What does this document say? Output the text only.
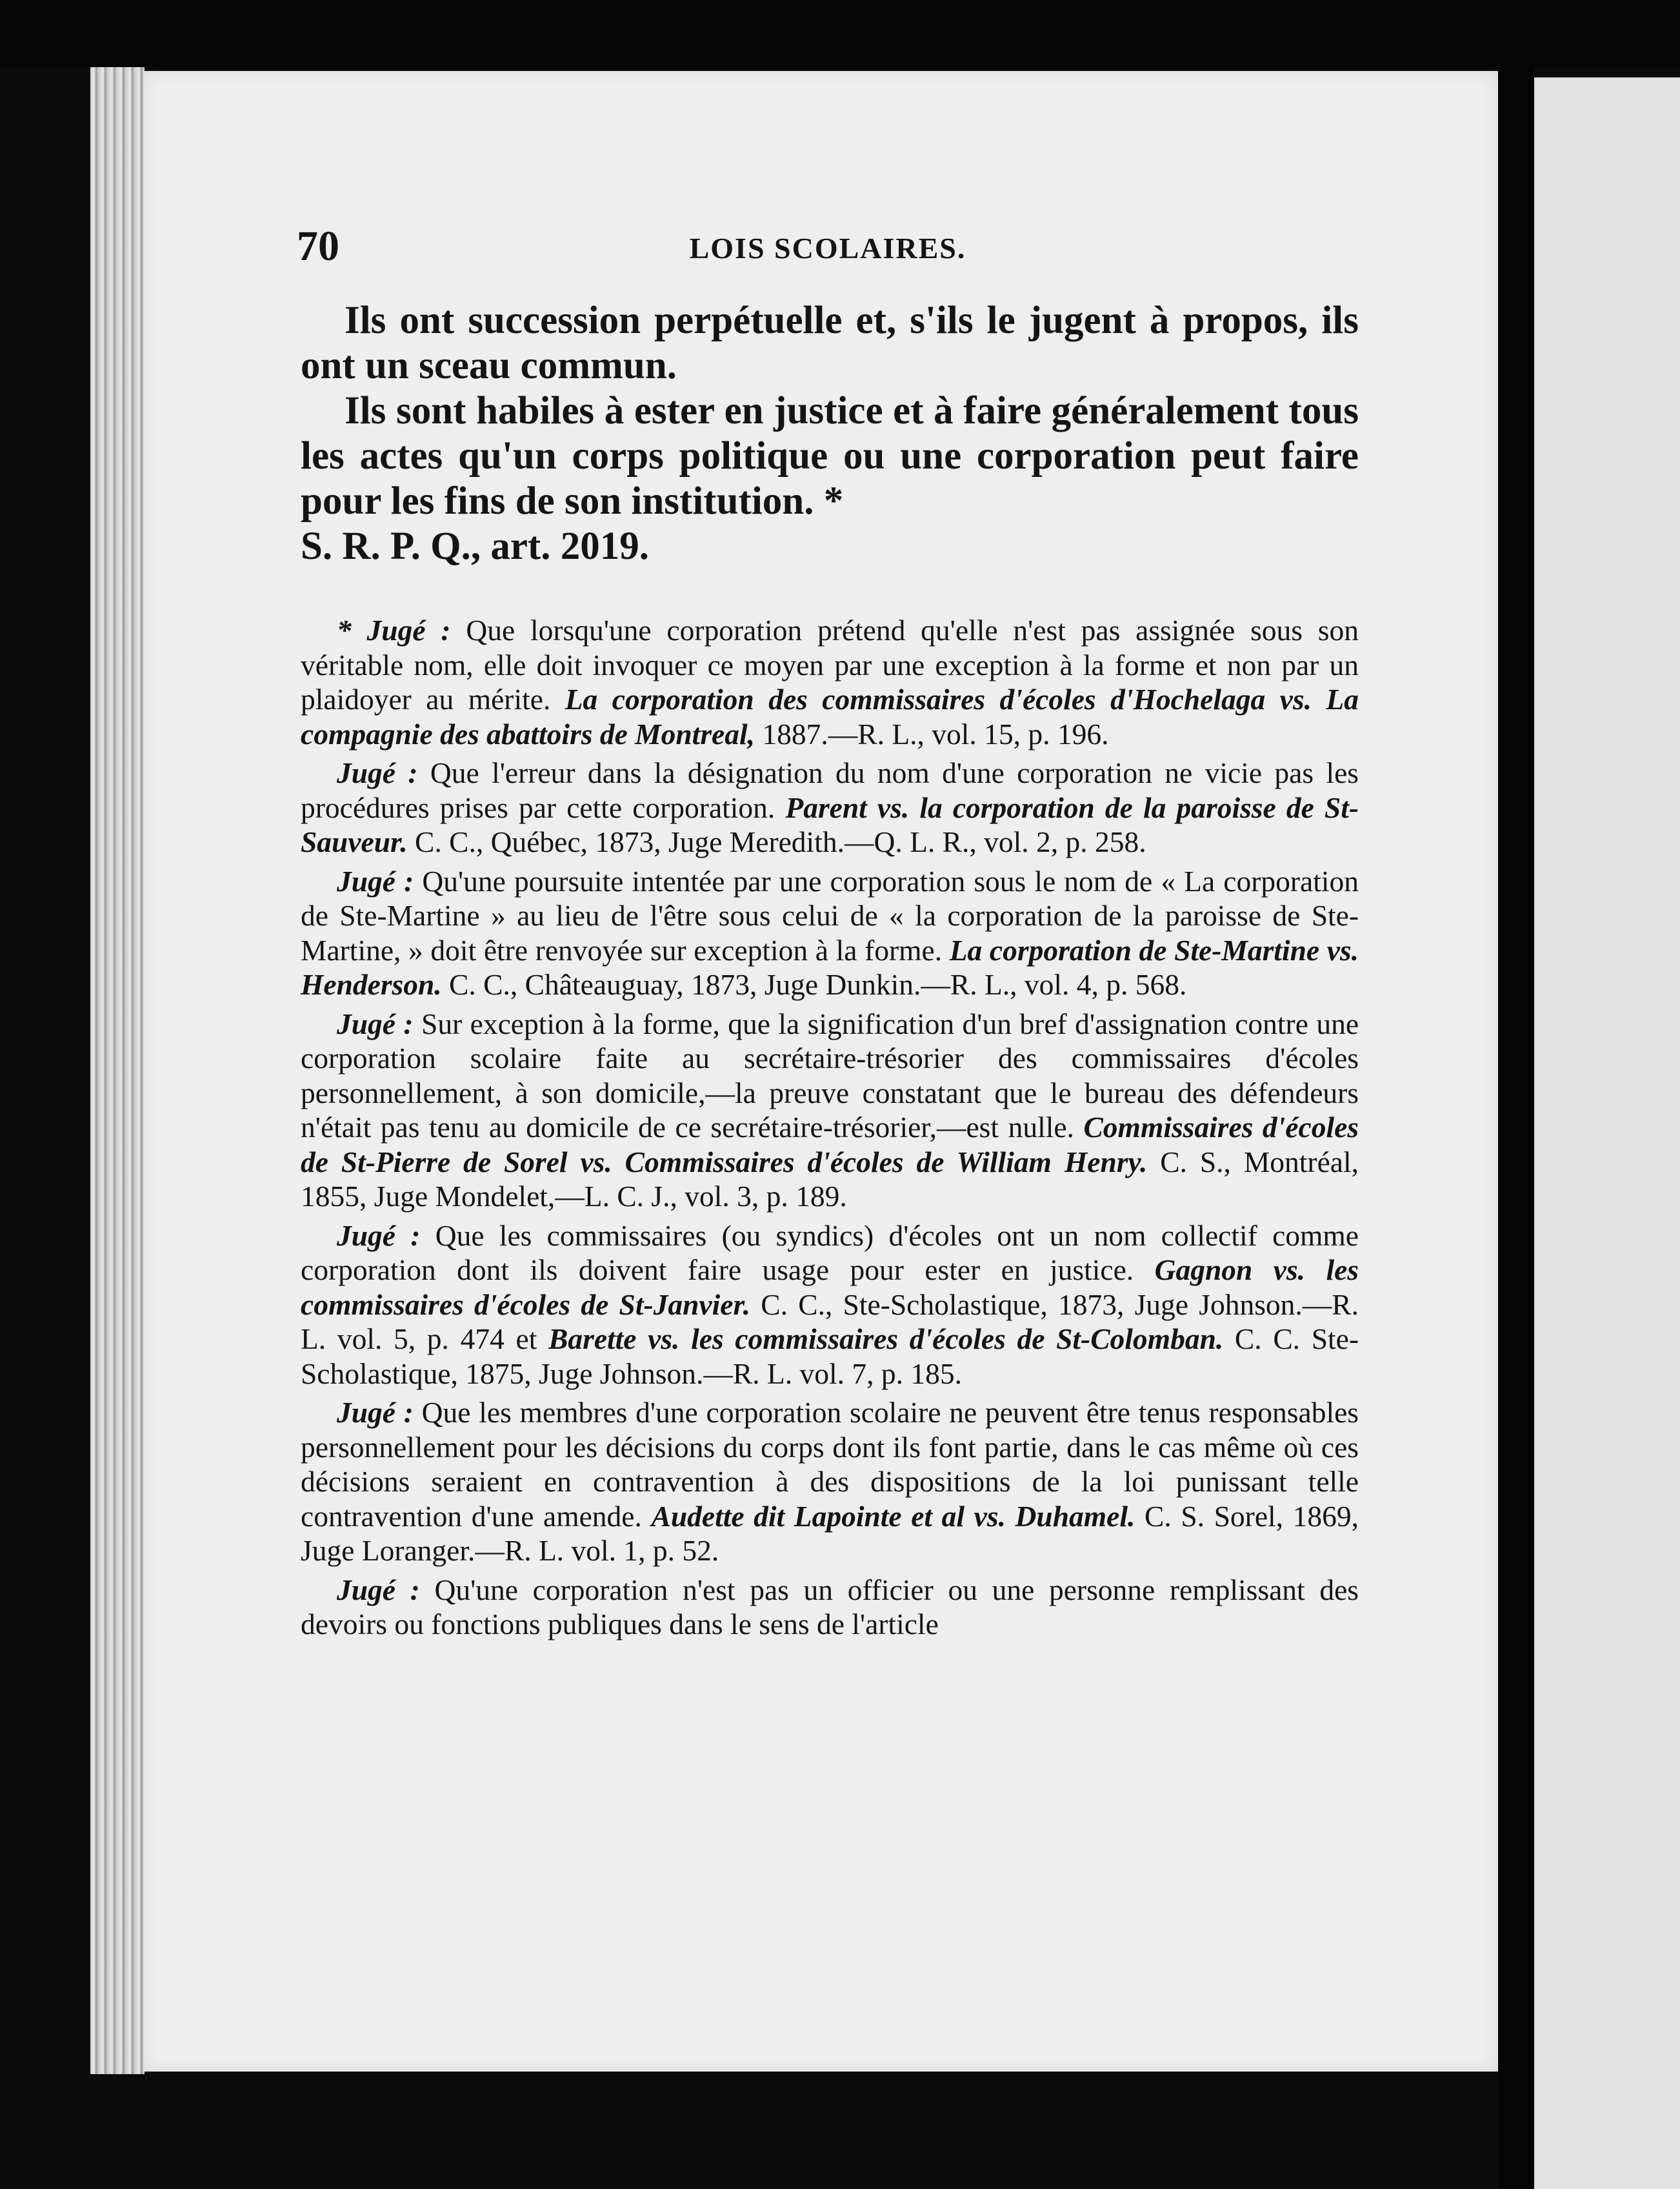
70	LOIS SCOLAIRES.

Ils ont succession perpétuelle et, s'ils le jugent à propos, ils ont un sceau commun.

Ils sont habiles à ester en justice et à faire généralement tous les actes qu'un corps politique ou une corporation peut faire pour les fins de son institution. *
S. R. P. Q., art. 2019.

* Jugé : Que lorsqu'une corporation prétend qu'elle n'est pas assignée sous son véritable nom, elle doit invoquer ce moyen par une exception à la forme et non par un plaidoyer au mérite. La corporation des commissaires d'écoles d'Hochelaga vs. La compagnie des abattoirs de Montreal, 1887.—R. L., vol. 15, p. 196.

Jugé : Que l'erreur dans la désignation du nom d'une corporation ne vicie pas les procédures prises par cette corporation. Parent vs. la corporation de la paroisse de St-Sauveur. C. C., Québec, 1873, Juge Meredith.—Q. L. R., vol. 2, p. 258.

Jugé : Qu'une poursuite intentée par une corporation sous le nom de « La corporation de Ste-Martine » au lieu de l'être sous celui de « la corporation de la paroisse de Ste-Martine, » doit être renvoyée sur exception à la forme. La corporation de Ste-Martine vs. Henderson. C. C., Châteauguay, 1873, Juge Dunkin.—R. L., vol. 4, p. 568.

Jugé : Sur exception à la forme, que la signification d'un bref d'assignation contre une corporation scolaire faite au secrétaire-trésorier des commissaires d'écoles personnellement, à son domicile,—la preuve constatant que le bureau des défendeurs n'était pas tenu au domicile de ce secrétaire-trésorier,—est nulle. Commissaires d'écoles de St-Pierre de Sorel vs. Commissaires d'écoles de William Henry. C. S., Montréal, 1855, Juge Mondelet,—L. C. J., vol. 3, p. 189.

Jugé : Que les commissaires (ou syndics) d'écoles ont un nom collectif comme corporation dont ils doivent faire usage pour ester en justice. Gagnon vs. les commissaires d'écoles de St-Janvier. C. C., Ste-Scholastique, 1873, Juge Johnson.—R. L. vol. 5, p. 474 et Barette vs. les commissaires d'écoles de St-Colomban. C. C. Ste-Scholastique, 1875, Juge Johnson.—R. L. vol. 7, p. 185.

Jugé : Que les membres d'une corporation scolaire ne peuvent être tenus responsables personnellement pour les décisions du corps dont ils font partie, dans le cas même où ces décisions seraient en contravention à des dispositions de la loi punissant telle contravention d'une amende. Audette dit Lapointe et al vs. Duhamel. C. S. Sorel, 1869, Juge Loranger.—R. L. vol. 1, p. 52.

Jugé : Qu'une corporation n'est pas un officier ou une personne remplissant des devoirs ou fonctions publiques dans le sens de l'article
